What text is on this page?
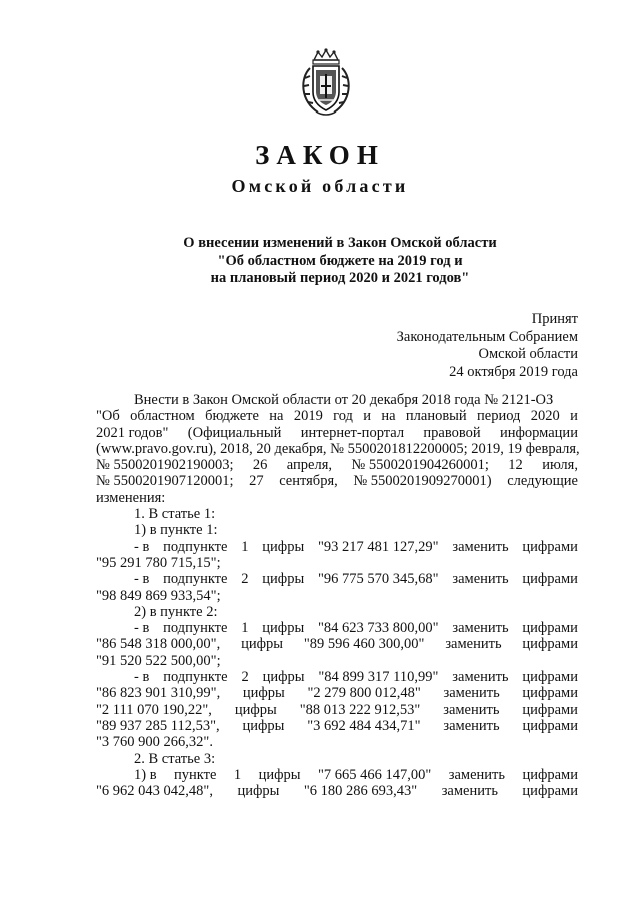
ЗАКОН
Омской области
О внесении изменений в Закон Омской области
"Об областном бюджете на 2019 год и
на плановый период 2020 и 2021 годов"
Принят
Законодательным Собранием
Омской области
24 октября 2019 года
Внести в Закон Омской области от 20 декабря 2018 года № 2121-ОЗ
"Об областном бюджете на 2019 год и на плановый период 2020 и
2021 годов" (Официальный интернет-портал правовой информации
(www.pravo.gov.ru), 2018, 20 декабря, № 5500201812200005; 2019, 19 февраля,
№ 5500201902190003; 26 апреля, № 5500201904260001; 12 июля,
№ 5500201907120001; 27 сентября, № 5500201909270001) следующие
изменения:
1. В статье 1:
1) в пункте 1:
- в подпункте 1 цифры "93 217 481 127,29" заменить цифрами
"95 291 780 715,15";
- в подпункте 2 цифры "96 775 570 345,68" заменить цифрами
"98 849 869 933,54";
2) в пункте 2:
- в подпункте 1 цифры "84 623 733 800,00" заменить цифрами
"86 548 318 000,00", цифры "89 596 460 300,00" заменить цифрами
"91 520 522 500,00";
- в подпункте 2 цифры "84 899 317 110,99" заменить цифрами
"86 823 901 310,99", цифры "2 279 800 012,48" заменить цифрами
"2 111 070 190,22", цифры "88 013 222 912,53" заменить цифрами
"89 937 285 112,53", цифры "3 692 484 434,71" заменить цифрами
"3 760 900 266,32".
2. В статье 3:
1) в пункте 1 цифры "7 665 466 147,00" заменить цифрами
"6 962 043 042,48", цифры "6 180 286 693,43" заменить цифрами
